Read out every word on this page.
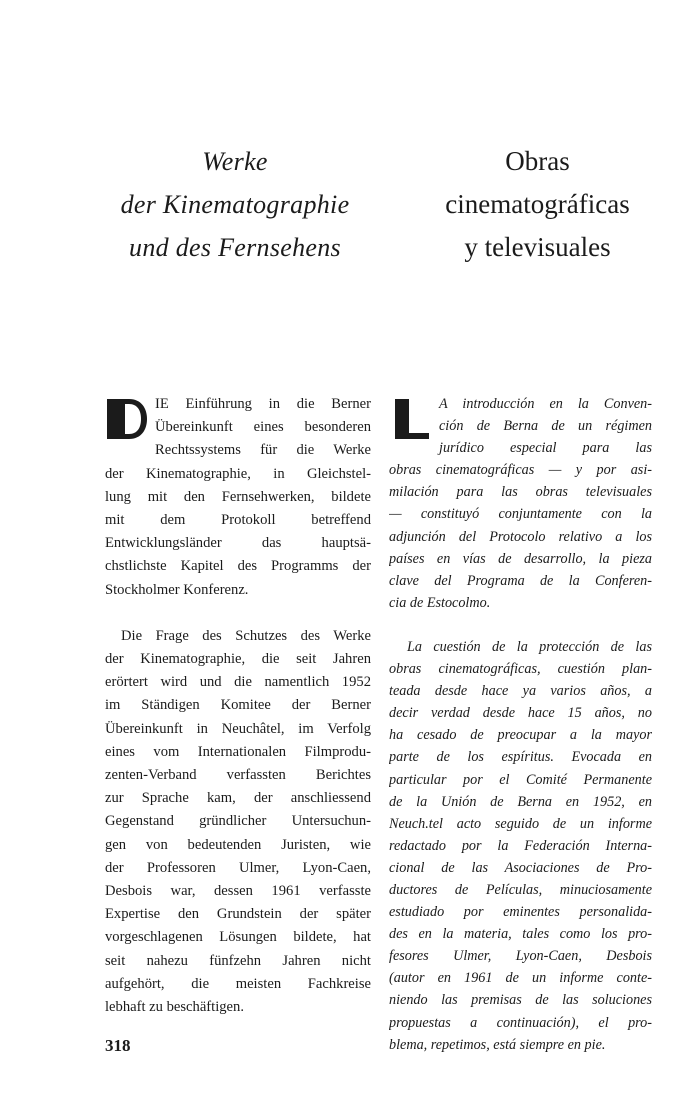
Werke
der Kinematographie
und des Fernsehens
Obras
cinematográficas
y televisuales
IE Einführung in die Berner
Übereinkunft eines besonderen
Rechtssystems für die Werke
der Kinematographie, in Gleichstel-
lung mit den Fernsehwerken, bildete
mit dem Protokoll betreffend
Entwicklungsländer das hauptsä-
chstlichste Kapitel des Programms der
Stockholmer Konferenz.
Die Frage des Schutzes des Werke
der Kinematographie, die seit Jahren
erörtert wird und die namentlich 1952
im Ständigen Komitee der Berner
Übereinkunft in Neuchâtel, im Verfolg
eines vom Internationalen Filmprodu-
zenten-Verband verfassten Berichtes
zur Sprache kam, der anschliessend
Gegenstand gründlicher Untersuchun-
gen von bedeutenden Juristen, wie
der Professoren Ulmer, Lyon-Caen,
Desbois war, dessen 1961 verfasste
Expertise den Grundstein der später
vorgeschlagenen Lösungen bildete, hat
seit nahezu fünfzehn Jahren nicht
aufgehört, die meisten Fachkreise
lebhaft zu beschäftigen.
A introducción en la Conven-
ción de Berna de un régimen
jurídico especial para las
obras cinematográficas — y por asi-
milación para las obras televisuales
— constituyó conjuntamente con la
adjunción del Protocolo relativo a los
países en vías de desarrollo, la pieza
clave del Programa de la Conferen-
cia de Estocolmo.
La cuestión de la protección de las
obras cinematográficas, cuestión plan-
teada desde hace ya varios años, a
decir verdad desde hace 15 años, no
ha cesado de preocupar a la mayor
parte de los espíritus. Evocada en
particular por el Comité Permanente
de la Unión de Berna en 1952, en
Neuch.tel acto seguido de un informe
redactado por la Federación Interna-
cional de las Asociaciones de Pro-
ductores de Películas, minuciosamente
estudiado por eminentes personalida-
des en la materia, tales como los pro-
fesores Ulmer, Lyon-Caen, Desbois
(autor en 1961 de un informe conte-
niendo las premisas de las soluciones
propuestas a continuación), el pro-
blema, repetimos, está siempre en pie.
318
